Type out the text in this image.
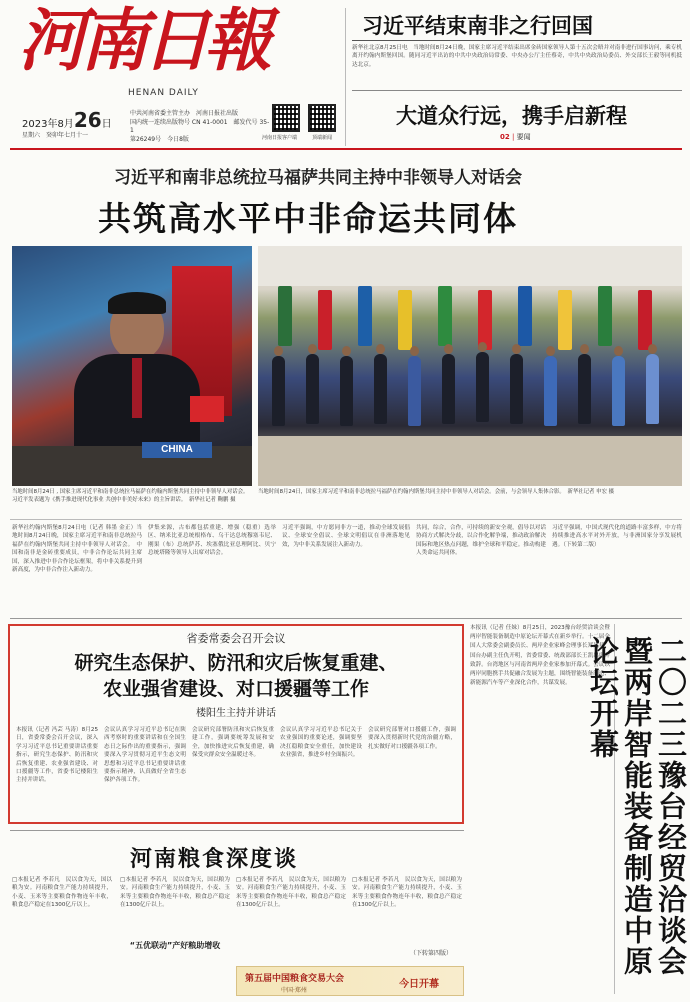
河南日報
HENAN DAILY
2023年8月26日
星期六　癸卯年七月十一
中共河南省委主管主办　河南日报社出版
国内统一连续出版物号 CN 41-0001　邮发代号 35-1
第26249号　今日8版	河南日报客户端	顶端新闻
习近平结束南非之行回国
新华社北京8月25日电　当地时间8月24日晚，国家主席习近平结束出席金砖国家领导人第十五次会晤并对南非进行国事访问，乘专机离开约翰内斯堡回国。随同习近平出访的中共中央政治局常委、中央办公厅主任蔡奇，中共中央政治局委员、外交部长王毅等同机抵达北京。
大道众行远，携手启新程
02 | 要闻
习近平和南非总统拉马福萨共同主持中非领导人对话会
共筑高水平中非命运共同体
CHINA
当地时间8月24日 , 国家主席习近平和南非总统拉马福萨在约翰内斯堡共同主持中非领导人对话会。习近平发表题为《携手推进现代化事业 共创中非美好未来》的主旨讲话。　新华社记者 鞠鹏 摄
当地时间8月24日，国家主席习近平和南非总统拉马福萨在约翰内斯堡共同主持中非领导人对话会。会前，与会领导人集体合影。　新华社记者 申宏 摄
新华社约翰内斯堡8月24日电（记者 韩墨 金正）当地时间8月24日晚，国家主席习近平和南非总统拉马福萨在约翰内斯堡共同主持中非领导人对话会。　中国和南非是金砖重要成员，中非合作论坛共同主席国，深入推进中非合作论坛框架，将中非关系提升到新高度，为中非合作注入新动力。
伊集来源，古布都包括重建、增强（稳重）选举区、纳米比亚总统根格布、乌干达总统穆塞韦尼、刚果（布）总统萨苏、埃塞俄比亚总理阿比、贝宁总统塔隆等领导人出席对话会。
习近平强调，中方愿同非方一道，推动全球发展倡议、全球安全倡议、全球文明倡议在非洲落地见效，为中非关系发展注入新动力。
共同，综合，合作，可持续的新安全观，倡导以对话协商方式解决分歧，以合作化解争端，推动政治解决国际和地区热点问题，维护全球和平稳定。推动构建人类命运共同体。
习近平强调，中国式现代化的道路丰富多样，中方将持续推进高水平对外开放，与非洲国家分享发展机遇。（下转第二版）
省委常委会召开会议
研究生态保护、防汛和灾后恢复重建、
农业强省建设、对口援疆等工作
楼阳生主持并讲话
本报讯（记者 冯芸 马涛）8月25日，省委常委会召开会议，深入学习习近平总书记重要讲话重要指示，研究生态保护、防汛和灾后恢复重建、农业强省建设、对口援疆等工作，省委书记楼阳生主持并讲话。
会议认真学习习近平总书记在陕西考察时的重要讲话和在全国生态日之际作出的重要指示，强调要深入学习贯彻习近平生态文明思想和习近平总书记重要讲话重要指示精神，认真做好全省生态保护各项工作。
会议研究部署防汛和灾后恢复重建工作，强调要统筹发展和安全，加快推进灾后恢复重建，确保受灾群众安全温暖过冬。
会议认真学习习近平总书记关于农业强国的重要论述，强调要坚决扛稳粮食安全重任，加快建设农业强省，推进乡村全面振兴。
会议研究部署对口援疆工作，强调要深入贯彻新时代党的治疆方略，扎实做好对口援疆各项工作。
本报讯（记者 任妹）8月25日，2023豫台经贸洽谈会暨两岸智能装备制造中原论坛开幕式在新乡举行。十二届全国人大常委会副委员长、两岸企业家峰会理事长郑建邦，国台办副主任仇开明，省委常委、统战部部长王凯出席并致辞。台湾地区与河南省两岸企业家参加开幕式。会议以两岸同胞携手共促融合发展为主题，围绕智能装备制造、新能源汽车等产业深化合作，共谋发展。	二〇二三豫台经贸洽谈会暨两岸智能装备制造中原论坛开幕
河南粮食深度谈
□本报记者 李若凡　民以食为天，国以粮为安。河南粮食生产能力持续提升，小麦、玉米等主要粮食作物连年丰收，粮食总产稳定在1300亿斤以上。
“五优联动”产好粮助增收
□本报记者 李若凡　民以食为天，国以粮为安。河南粮食生产能力持续提升，小麦、玉米等主要粮食作物连年丰收，粮食总产稳定在1300亿斤以上。
□本报记者 李若凡　民以食为天，国以粮为安。河南粮食生产能力持续提升，小麦、玉米等主要粮食作物连年丰收，粮食总产稳定在1300亿斤以上。
□本报记者 李若凡　民以食为天，国以粮为安。河南粮食生产能力持续提升，小麦、玉米等主要粮食作物连年丰收，粮食总产稳定在1300亿斤以上。
（下转第四版）
第五届中国粮食交易大会
中国·郑州
今日开幕
